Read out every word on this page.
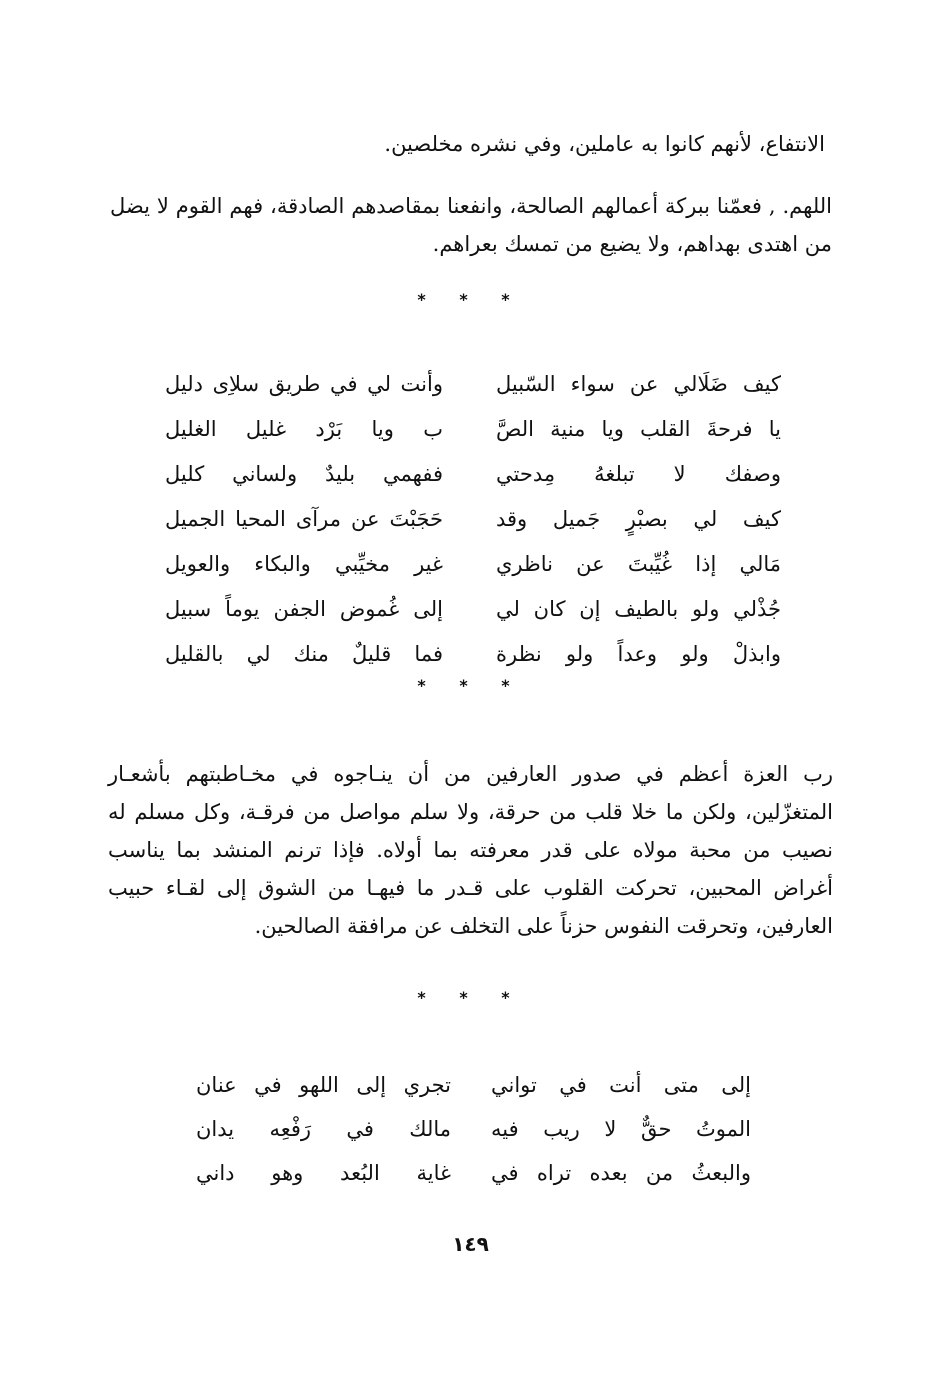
الانتفاع، لأنهم كانوا به عاملين، وفي نشره مخلصين.

اللهم. , فعمّنا ببركة أعمالهم الصالحة، وانفعنا بمقاصدهم الصادقة، فهم القوم لا يضل من اهتدى بهداهم، ولا يضيع من تمسك بعراهم.

* * *
كيف ضَلَالي عن سواء السّبيل
وأنت لي في طريق سلاِى دليل
يا فرحةَ القلب ويا منية الصَّ
ب ويا بَرْد غليل الغليل
وصفك لا تبلغهُ مِدحتي
ففهمي بليدٌ ولساني كليل
كيف لي بصبْرٍ جَميل وقد
حَجَبْتَ عن مرآى المحيا الجميل
مَالي إذا غُيِّبتَ عن ناظري
غير مخيِّبي والبكاء والعويل
جُذْلي ولو بالطيف إن كان لي
إلى غُموض الجفن يوماً سبيل
وابذلْ ولو وعداً ولو نظرة
فما قليلٌ منك لي بالقليل
* * *

رب العزة أعظم في صدور العارفين من أن ينـاجوه في مخـاطبتهم بأشعـار المتغزّلين، ولكن ما خلا قلب من حرقة، ولا سلم مواصل من فرقـة، وكل مسلم له نصيب من محبة مولاه على قدر معرفته بما أولاه. فإذا ترنم المنشد بما يناسب أغراض المحبين، تحركت القلوب على قـدر ما فيهـا من الشوق إلى لقـاء حبيب العارفين، وتحرقت النفوس حزناً على التخلف عن مرافقة الصالحين.

* * *
إلى متى أنت في تواني
تجري إلى اللهو في عنان
الموتُ حقٌّ لا ريب فيه
مالك في رَفْعِه يدان
والبعثُ من بعده تراه في
غاية البُعد وهو داني
١٤٩
